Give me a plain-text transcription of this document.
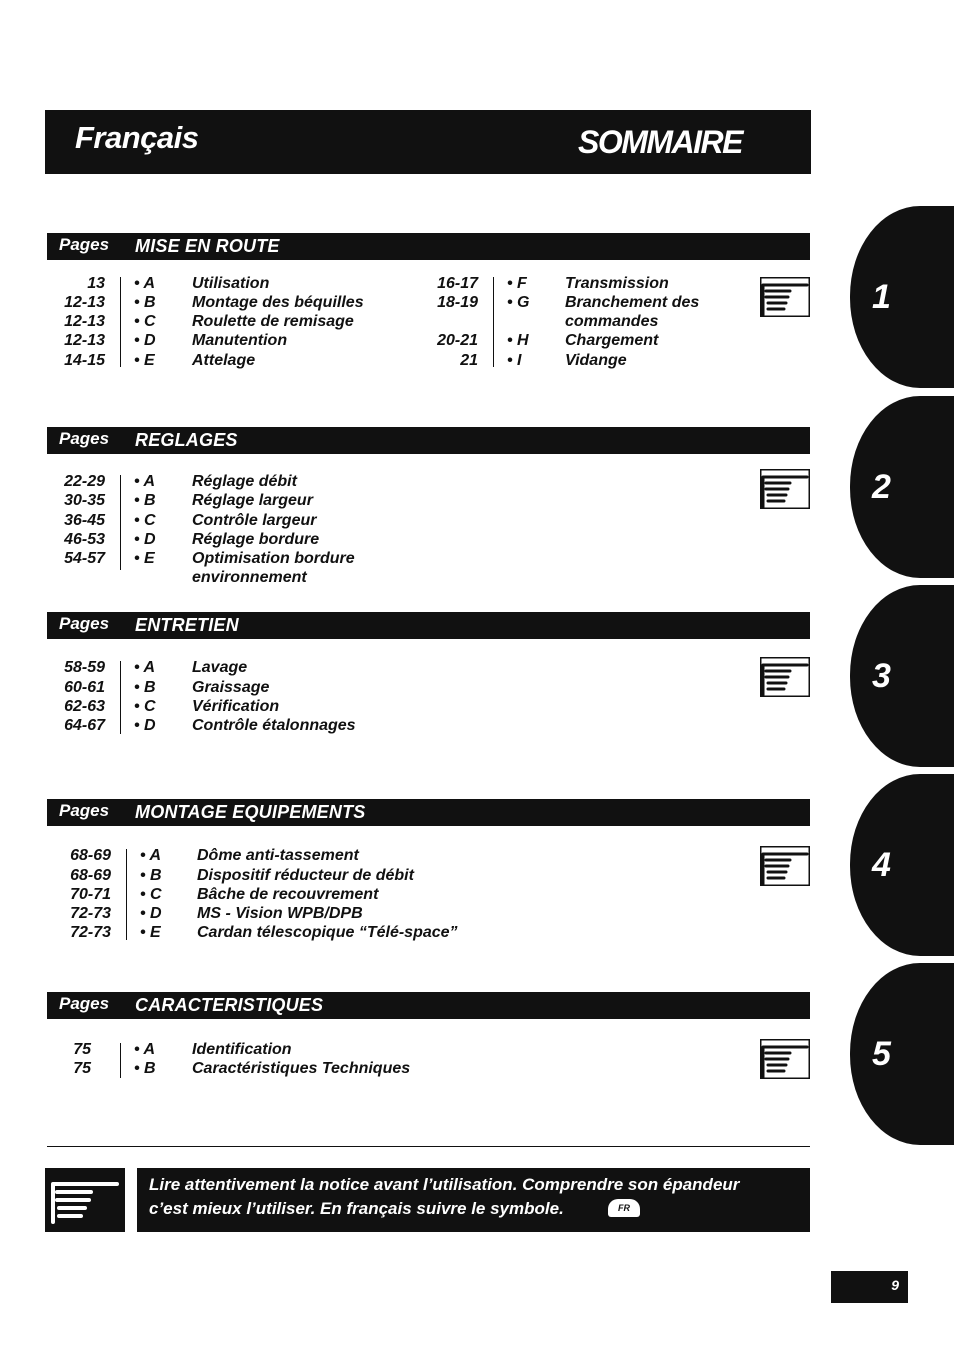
Français	SOMMAIRE
Pages MISE EN ROUTE
13 • A Utilisation
12-13 • B Montage des béquilles
12-13 • C Roulette de remisage
12-13 • D Manutention
14-15 • E Attelage
16-17 • F Transmission
18-19 • G Branchement des
commandes
20-21 • H Chargement
21 • I	Vidange
Pages REGLAGES
22-29 • A Réglage débit
30-35 • B Réglage largeur
36-45 • C Contrôle largeur
46-53 • D Réglage bordure
54-57 • E Optimisation bordure
environnement
Pages ENTRETIEN
58-59 • A Lavage
60-61 • B Graissage
62-63 • C Vérification
64-67 • D Contrôle étalonnages
Pages MONTAGE EQUIPEMENTS
68-69 • A Dôme anti-tassement
68-69 • B Dispositif réducteur de débit
70-71 • C Bâche de recouvrement
72-73 • D MS - Vision WPB/DPB
72-73 • E Cardan télescopique “Télé-space”
Pages CARACTERISTIQUES
75	• A Identification
75	• B Caractéristiques Techniques
1
2
3
4
5
Lire attentivement la notice avant l’utilisation. Comprendre son épandeur
c’est mieux l’utiliser. En français suivre le symbole.	FR
9
